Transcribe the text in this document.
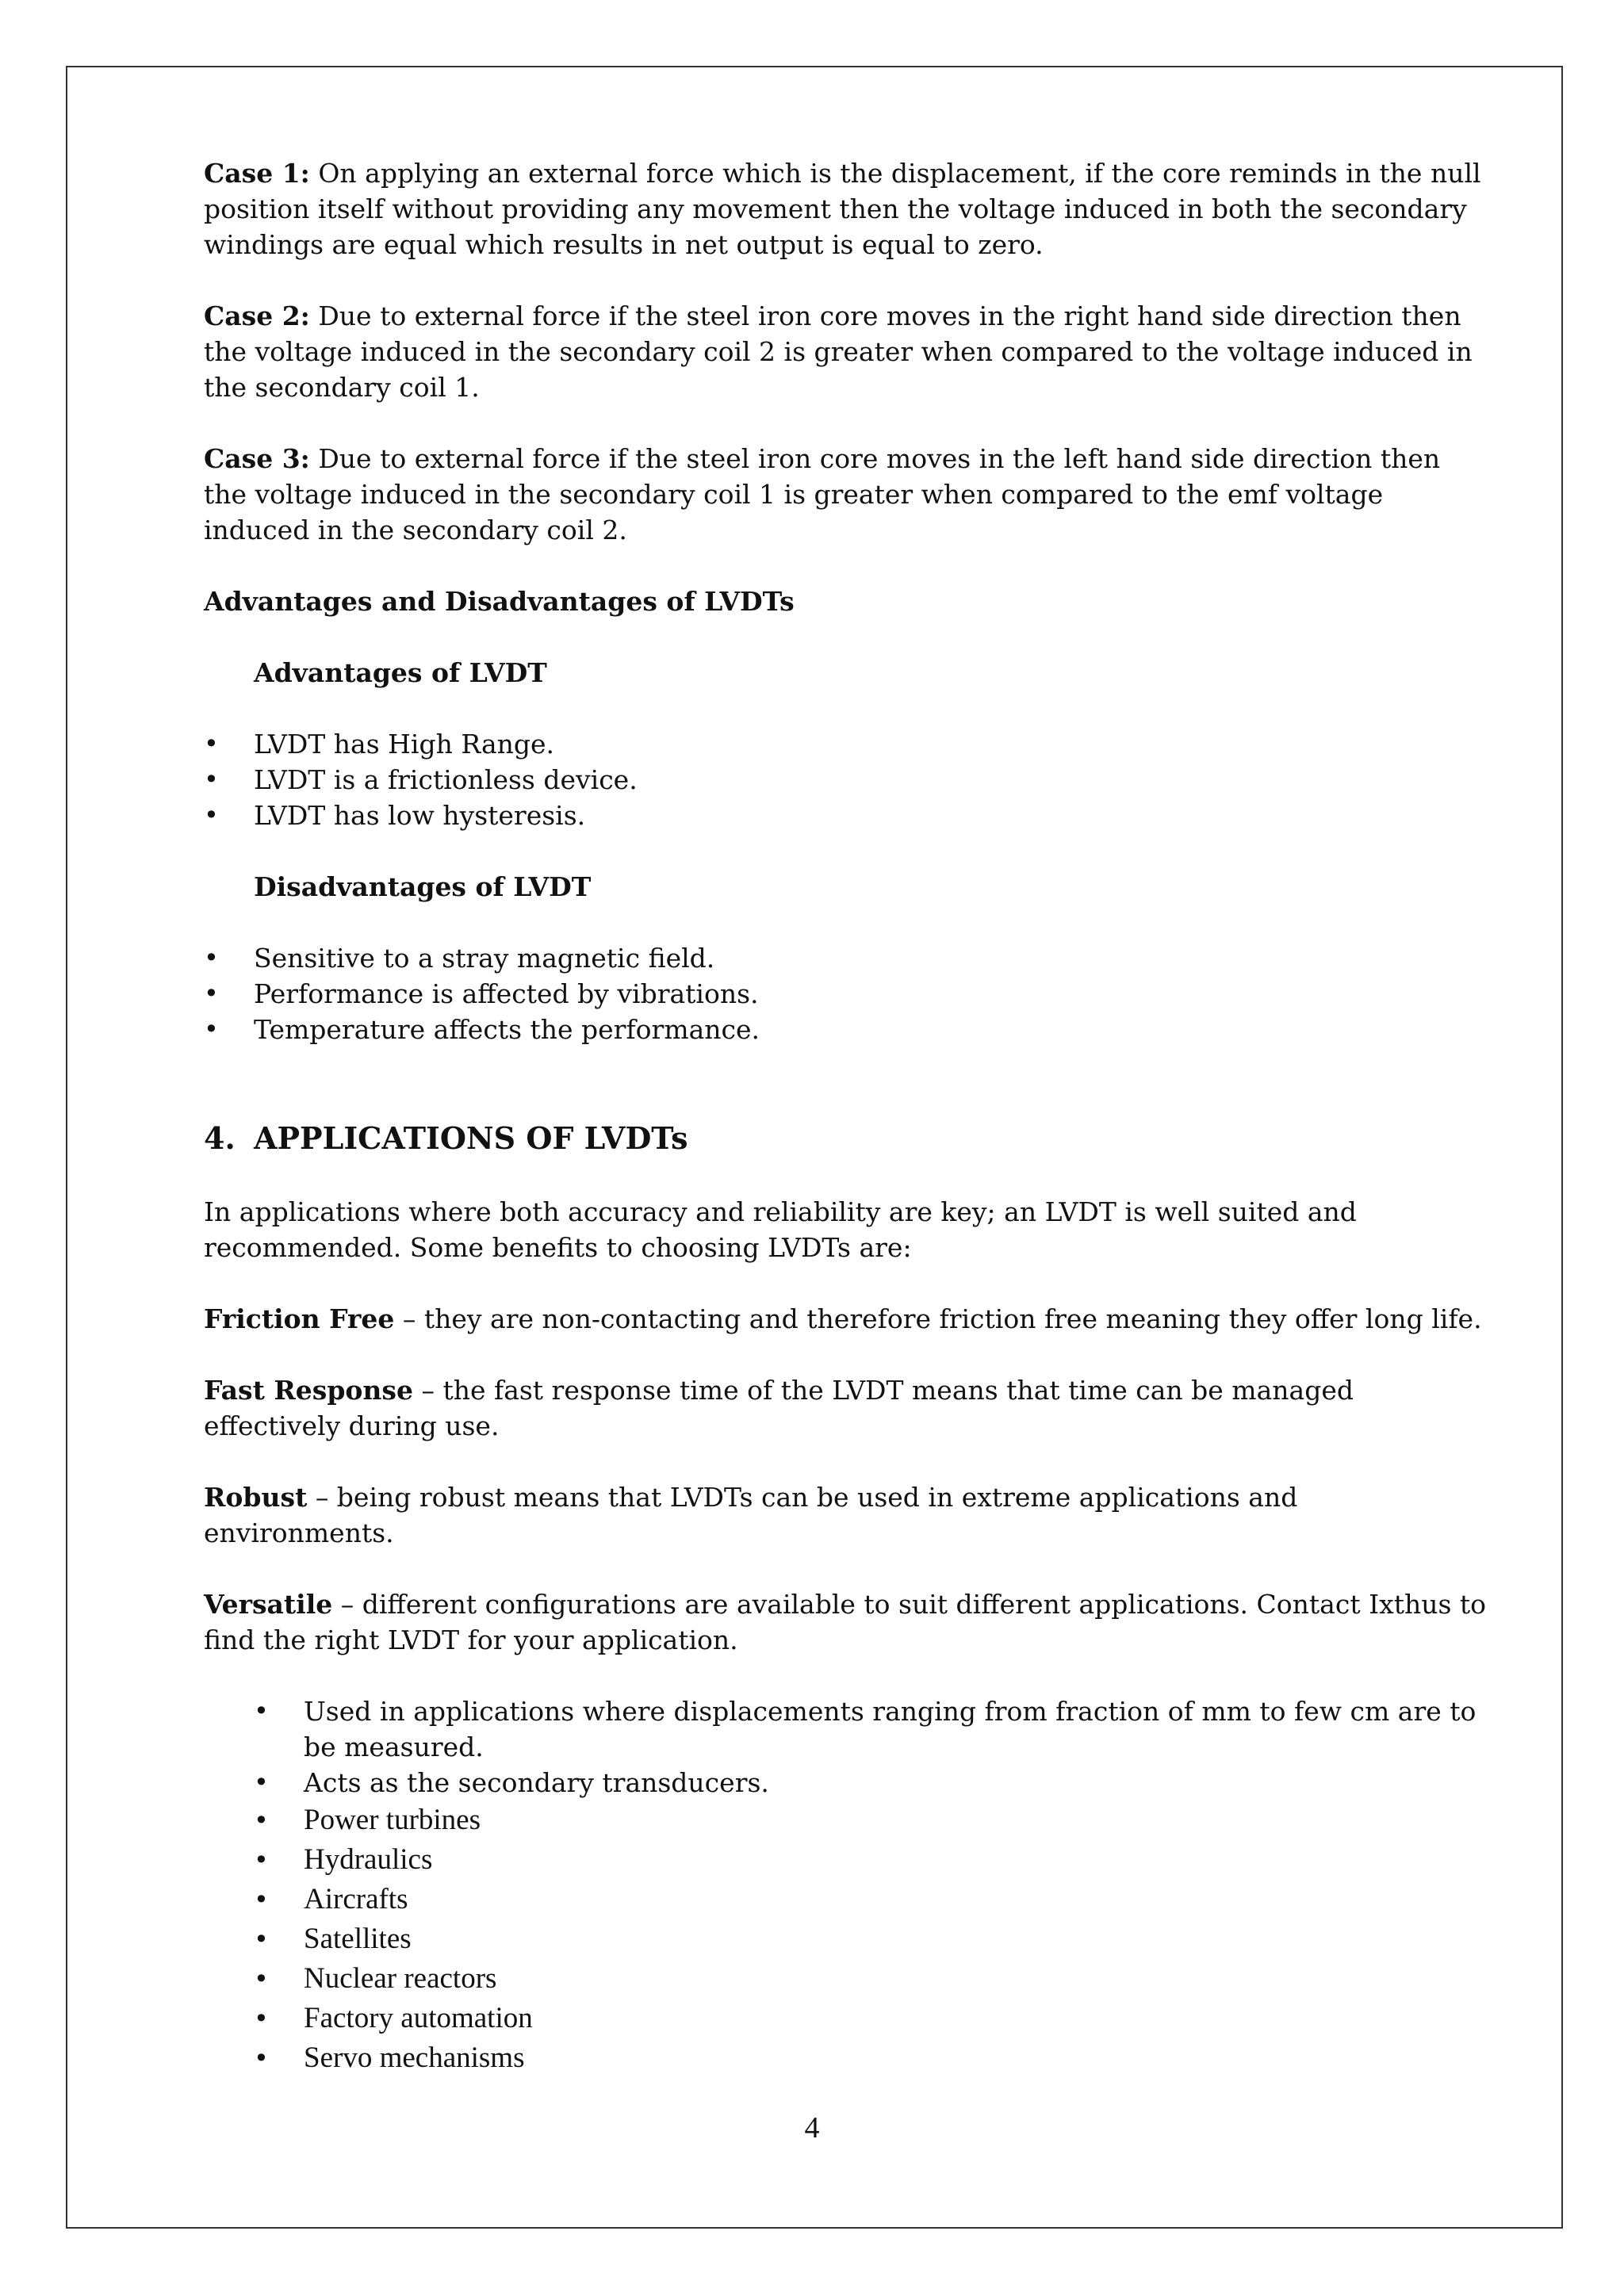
Case 1: On applying an external force which is the displacement, if the core reminds in the null position itself without providing any movement then the voltage induced in both the secondary windings are equal which results in net output is equal to zero.

Case 2: Due to external force if the steel iron core moves in the right hand side direction then the voltage induced in the secondary coil 2 is greater when compared to the voltage induced in the secondary coil 1.

Case 3: Due to external force if the steel iron core moves in the left hand side direction then the voltage induced in the secondary coil 1 is greater when compared to the emf voltage induced in the secondary coil 2.

Advantages and Disadvantages of LVDTs

Advantages of LVDT

• LVDT has High Range.
• LVDT is a frictionless device.
• LVDT has low hysteresis.

Disadvantages of LVDT

• Sensitive to a stray magnetic field.
• Performance is affected by vibrations.
• Temperature affects the performance.

4. APPLICATIONS OF LVDTs

In applications where both accuracy and reliability are key; an LVDT is well suited and recommended. Some benefits to choosing LVDTs are:

Friction Free – they are non-contacting and therefore friction free meaning they offer long life.

Fast Response – the fast response time of the LVDT means that time can be managed effectively during use.

Robust – being robust means that LVDTs can be used in extreme applications and environments.

Versatile – different configurations are available to suit different applications. Contact Ixthus to find the right LVDT for your application.

• Used in applications where displacements ranging from fraction of mm to few cm are to be measured.
• Acts as the secondary transducers.
• Power turbines
• Hydraulics
• Aircrafts
• Satellites
• Nuclear reactors
• Factory automation
• Servo mechanisms
4
